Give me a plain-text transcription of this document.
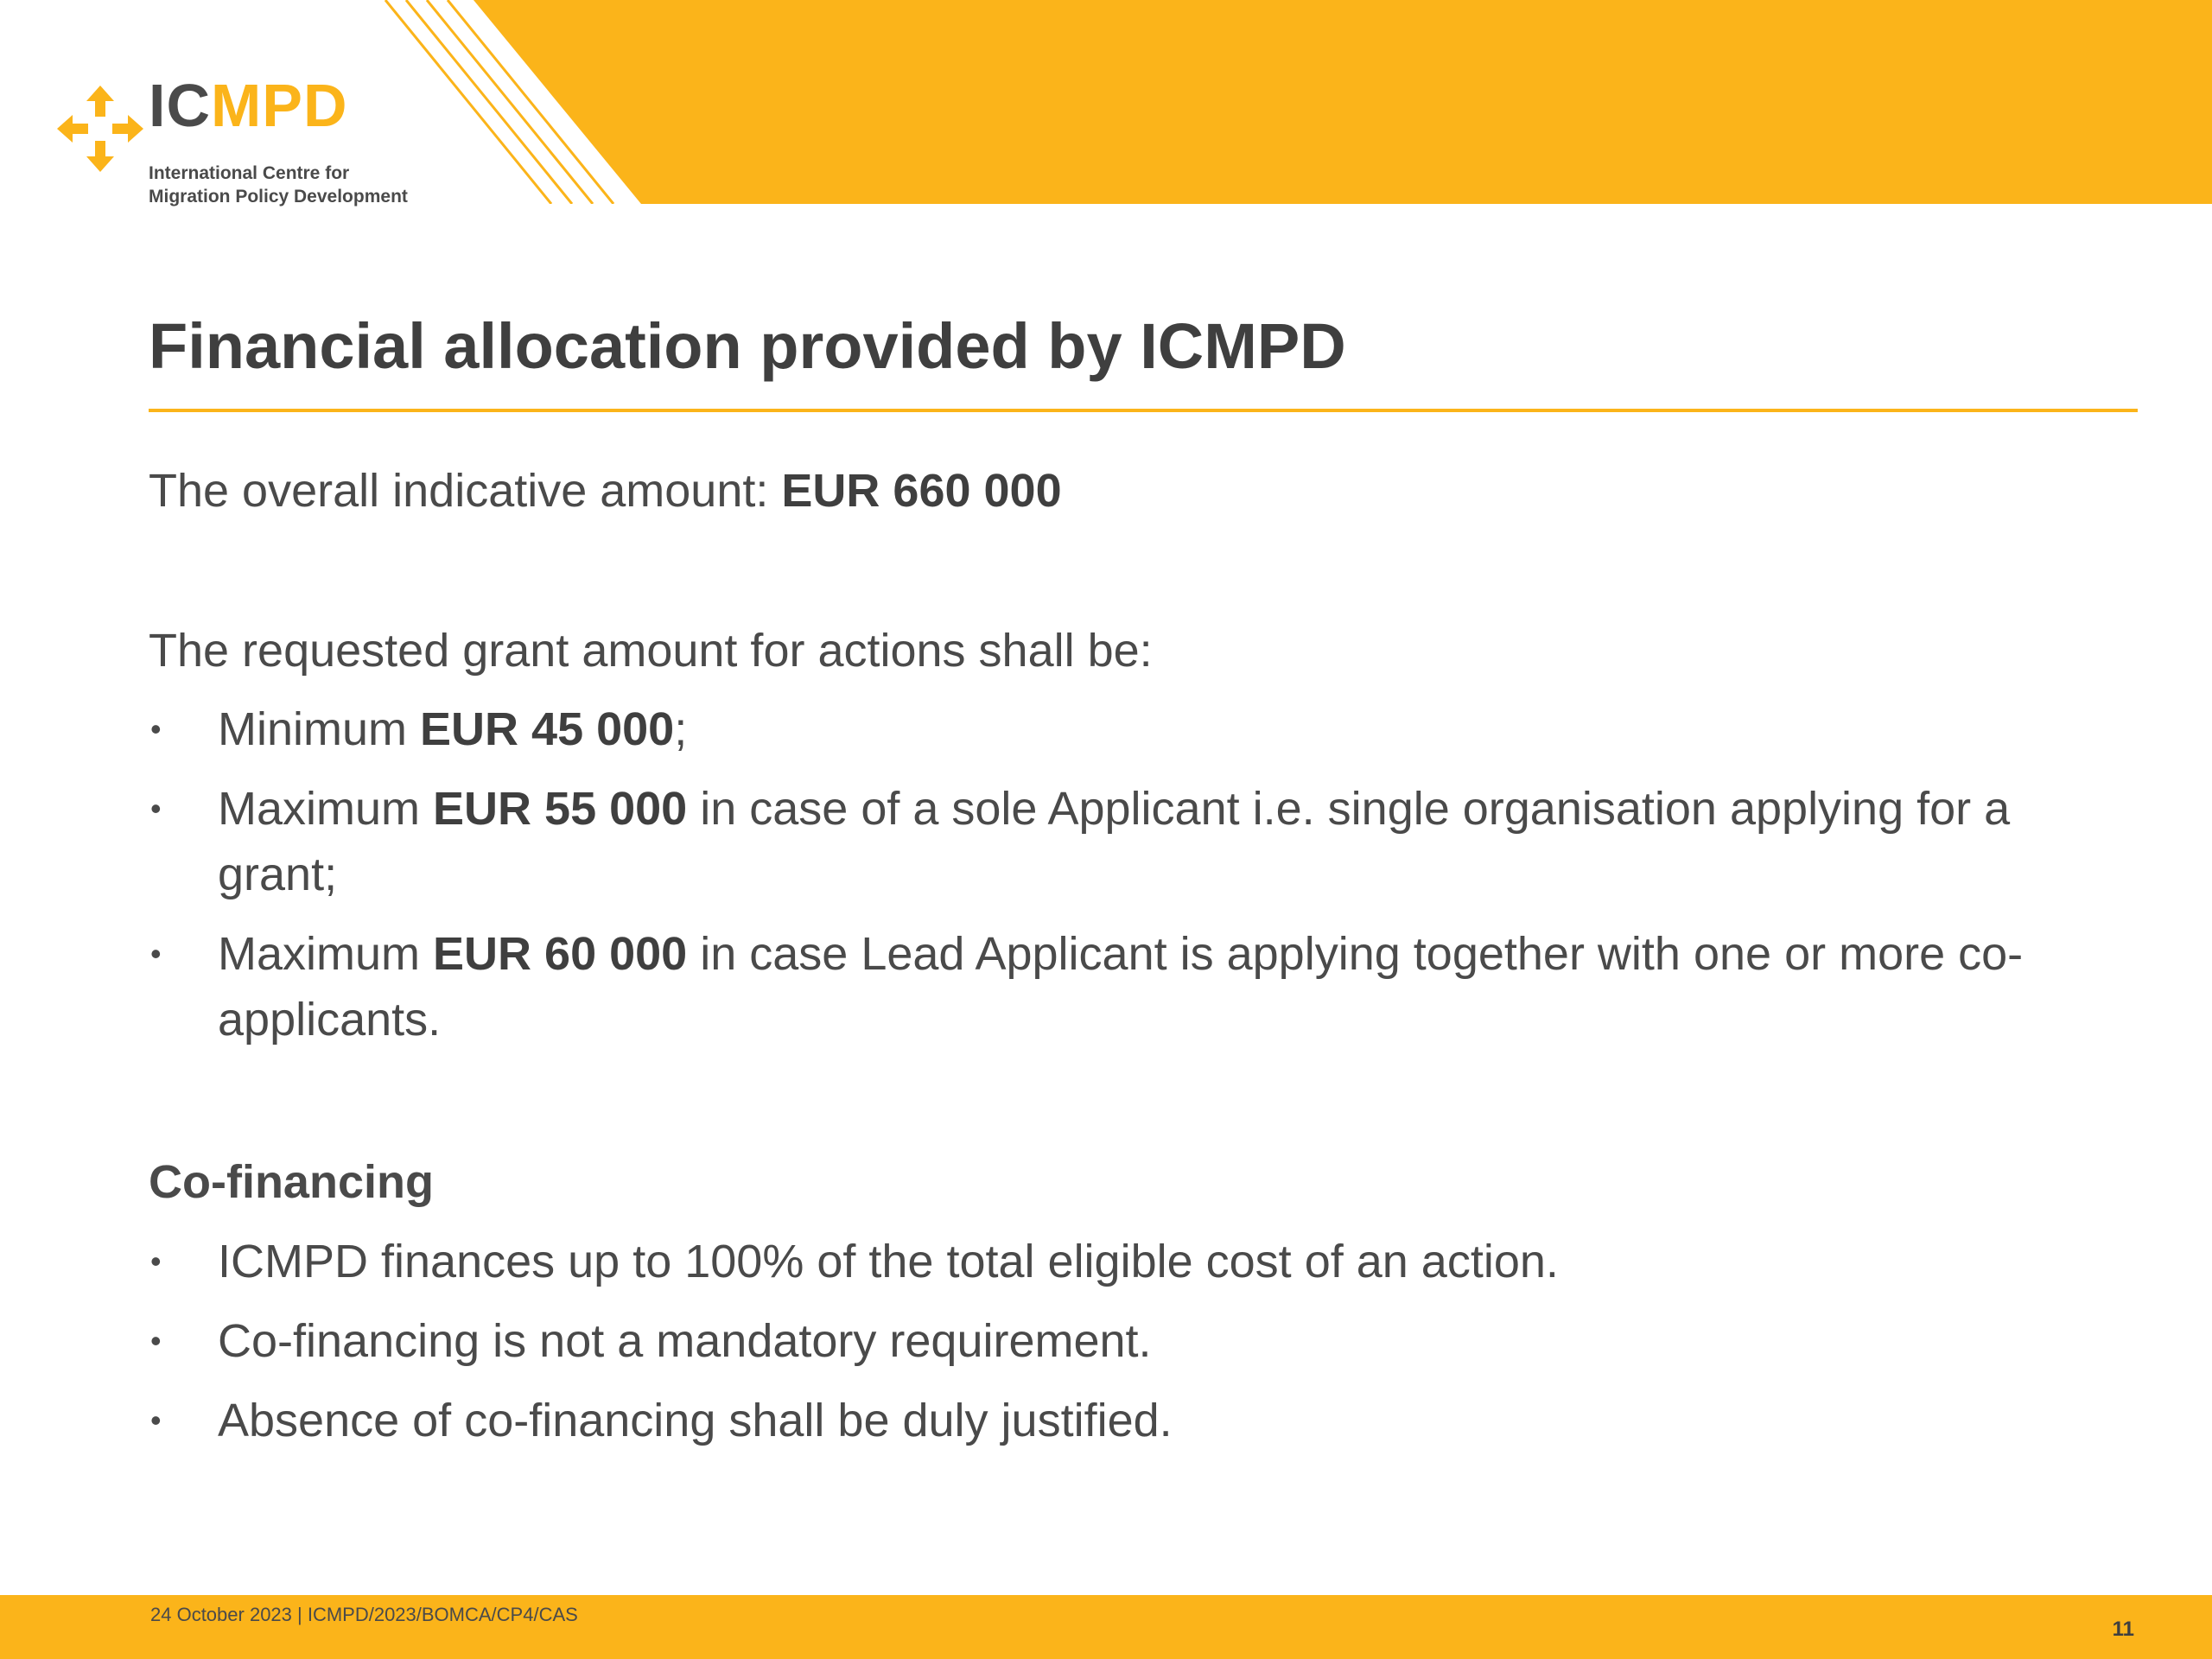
ICMPD
International Centre for
Migration Policy Development
Financial allocation provided by ICMPD
The overall indicative amount: EUR 660 000
The requested grant amount for actions shall be:
• Minimum EUR 45 000;
• Maximum EUR 55 000 in case of a sole Applicant i.e. single organisation applying for a grant;
• Maximum EUR 60 000 in case Lead Applicant is applying together with one or more co-applicants.
Co-financing
• ICMPD finances up to 100% of the total eligible cost of an action.
• Co-financing is not a mandatory requirement.
• Absence of co-financing shall be duly justified.
24 October 2023 | ICMPD/2023/BOMCA/CP4/CAS
11
